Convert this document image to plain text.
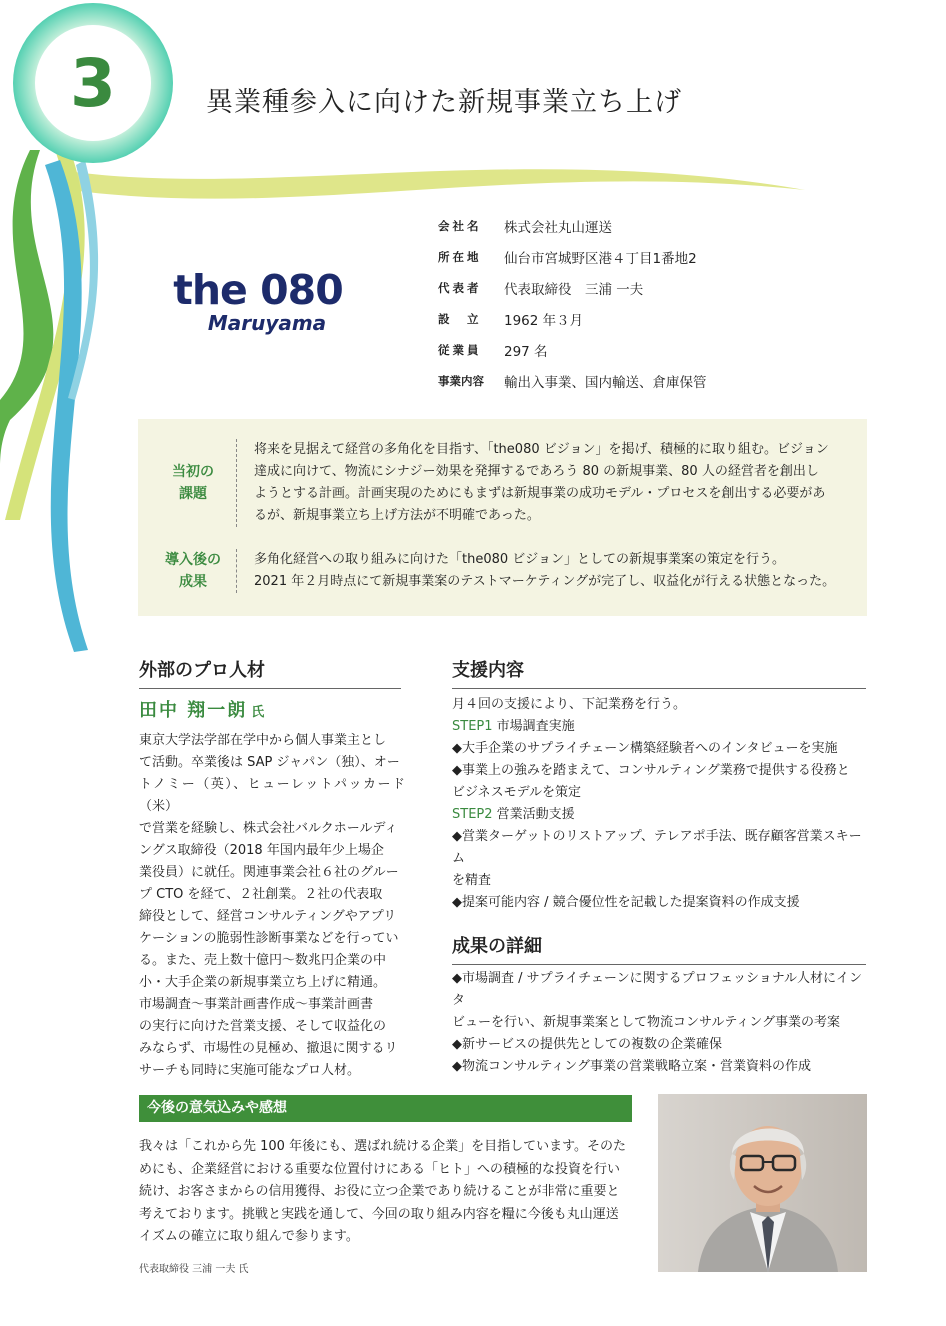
3	異業種参入に向けた新規事業立ち上げ
the 080
Maruyama
会社名	株式会社丸山運送
所在地	仙台市宮城野区港４丁目1番地2
代表者	代表取締役　三浦 一夫
設　立	1962 年３月
従業員	297 名
事業内容	輸出入事業、国内輸送、倉庫保管
当初の
課題
将来を見据えて経営の多角化を目指す、「the080 ビジョン」を掲げ、積極的に取り組む。ビジョン
達成に向けて、物流にシナジー効果を発揮するであろう 80 の新規事業、80 人の経営者を創出し
ようとする計画。計画実現のためにもまずは新規事業の成功モデル・プロセスを創出する必要があ
るが、新規事業立ち上げ方法が不明確であった。
導入後の
成果
多角化経営への取り組みに向けた「the080 ビジョン」としての新規事業案の策定を行う。
2021 年２月時点にて新規事業案のテストマーケティングが完了し、収益化が行える状態となった。
外部のプロ人材
田中 翔一朗 氏
東京大学法学部在学中から個人事業主とし
て活動。卒業後は SAP ジャパン（独）、オー
トノミー（英）、ヒューレットパッカード（米）
で営業を経験し、株式会社バルクホールディ
ングス取締役（2018 年国内最年少上場企
業役員）に就任。関連事業会社６社のグルー
プ CTO を経て、２社創業。２社の代表取
締役として、経営コンサルティングやアプリ
ケーションの脆弱性診断事業などを行ってい
る。また、売上数十億円〜数兆円企業の中
小・大手企業の新規事業立ち上げに精通。
市場調査〜事業計画書作成〜事業計画書
の実行に向けた営業支援、そして収益化の
みならず、市場性の見極め、撤退に関するリ
サーチも同時に実施可能なプロ人材。
支援内容
月４回の支援により、下記業務を行う。
STEP1 市場調査実施
◆大手企業のサプライチェーン構築経験者へのインタビューを実施
◆事業上の強みを踏まえて、コンサルティング業務で提供する役務と
ビジネスモデルを策定
STEP2 営業活動支援
◆営業ターゲットのリストアップ、テレアポ手法、既存顧客営業スキーム
を精査
◆提案可能内容 / 競合優位性を記載した提案資料の作成支援
成果の詳細
◆市場調査 / サプライチェーンに関するプロフェッショナル人材にインタ
ビューを行い、新規事業案として物流コンサルティング事業の考案
◆新サービスの提供先としての複数の企業確保
◆物流コンサルティング事業の営業戦略立案・営業資料の作成
今後の意気込みや感想
我々は「これから先 100 年後にも、選ばれ続ける企業」を目指しています。そのた
めにも、企業経営における重要な位置付けにある「ヒト」への積極的な投資を行い
続け、お客さまからの信用獲得、お役に立つ企業であり続けることが非常に重要と
考えております。挑戦と実践を通して、今回の取り組み内容を糧に今後も丸山運送
イズムの確立に取り組んで参ります。
代表取締役 三浦 一夫 氏
